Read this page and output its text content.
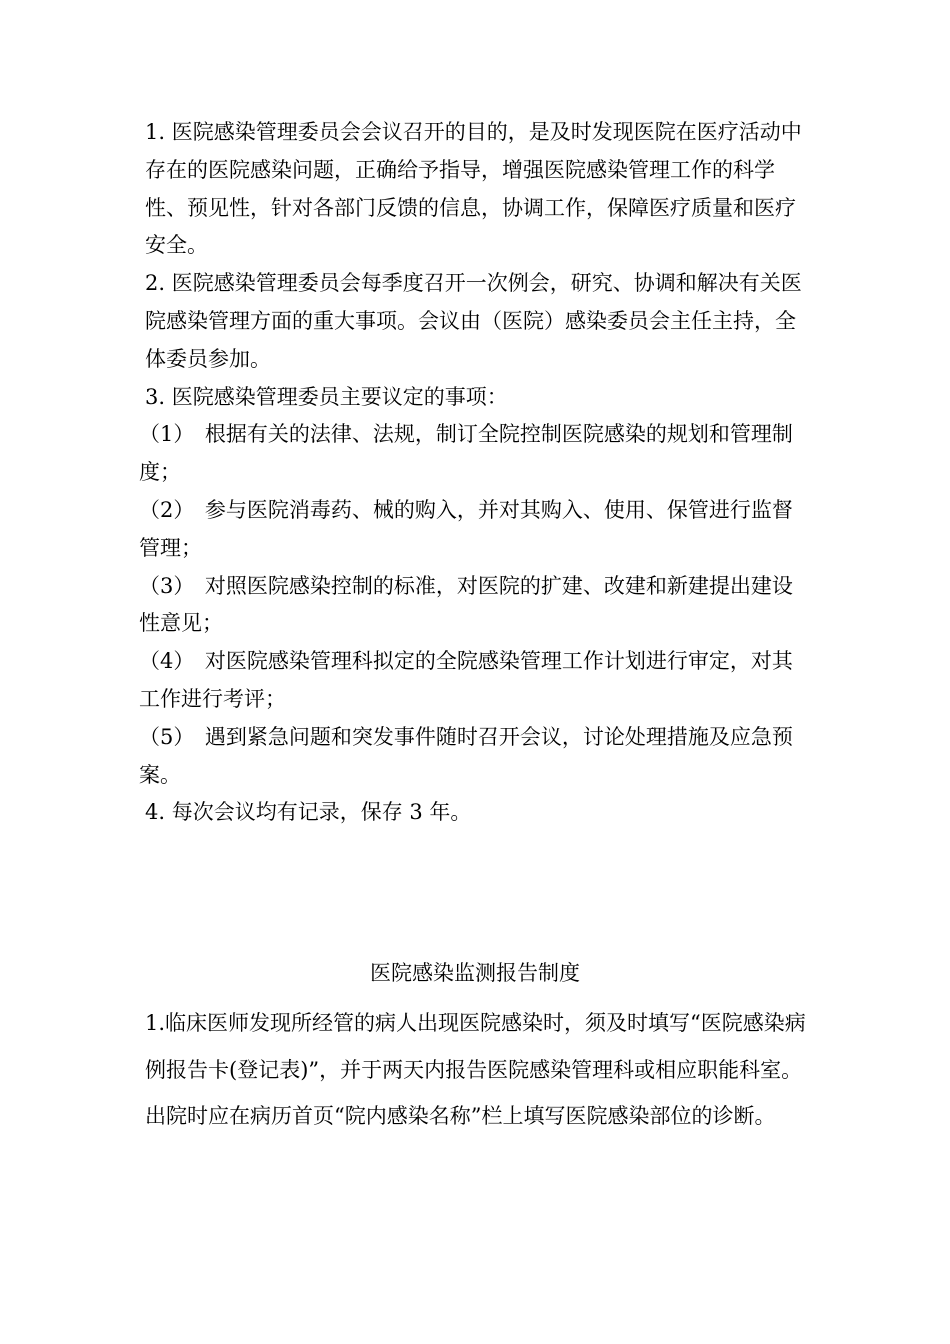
1. 医院感染管理委员会会议召开的目的，是及时发现医院在医疗活动中存在的医院感染问题，正确给予指导，增强医院感染管理工作的科学性、预见性，针对各部门反馈的信息，协调工作，保障医疗质量和医疗安全。

2. 医院感染管理委员会每季度召开一次例会，研究、协调和解决有关医院感染管理方面的重大事项。会议由（医院）感染委员会主任主持，全体委员参加。

3. 医院感染管理委员主要议定的事项：

（1）　根据有关的法律、法规，制订全院控制医院感染的规划和管理制度；

（2）　参与医院消毒药、械的购入，并对其购入、使用、保管进行监督管理；

（3）　对照医院感染控制的标准，对医院的扩建、改建和新建提出建设性意见；

（4）　对医院感染管理科拟定的全院感染管理工作计划进行审定，对其工作进行考评；

（5）　遇到紧急问题和突发事件随时召开会议，讨论处理措施及应急预案。

4. 每次会议均有记录，保存 3 年。

医院感染监测报告制度

1.临床医师发现所经管的病人出现医院感染时，须及时填写“医院感染病例报告卡(登记表)”，并于两天内报告医院感染管理科或相应职能科室。出院时应在病历首页“院内感染名称”栏上填写医院感染部位的诊断。
